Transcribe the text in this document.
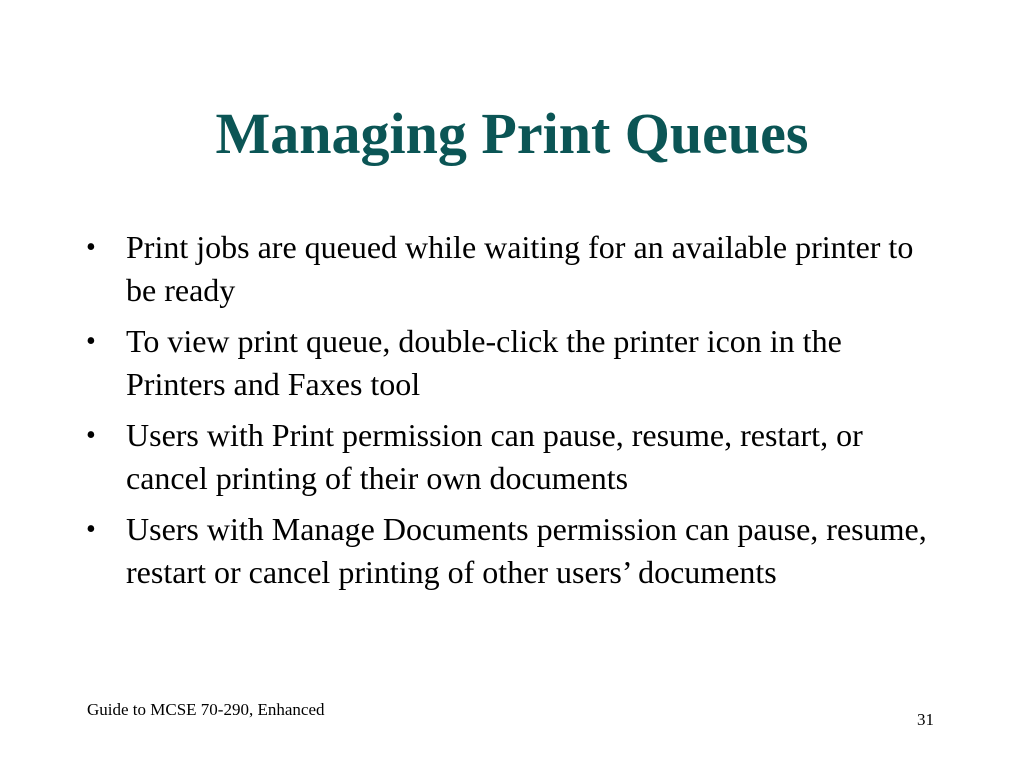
Managing Print Queues
• Print jobs are queued while waiting for an available printer to be ready
• To view print queue, double-click the printer icon in the Printers and Faxes tool
• Users with Print permission can pause, resume, restart, or cancel printing of their own documents
• Users with Manage Documents permission can pause, resume, restart or cancel printing of other users’ documents
Guide to MCSE 70-290, Enhanced
31
